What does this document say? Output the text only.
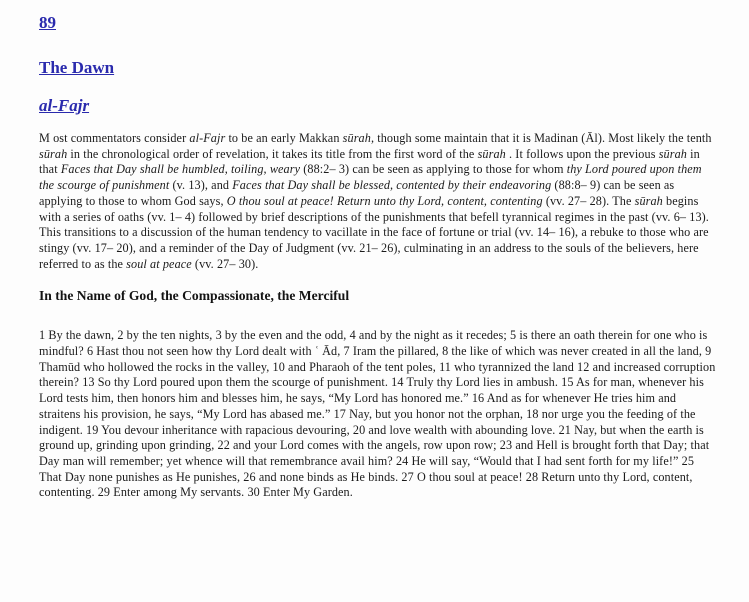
89
The Dawn
al-Fajr

M ost commentators consider al-Fajr to be an early Makkan sūrah, though some maintain that it is Madinan (Āl). Most likely the tenth sūrah in the chronological order of revelation, it takes its title from the first word of the sūrah . It follows upon the previous sūrah in that Faces that Day shall be humbled, toiling, weary (88:2– 3) can be seen as applying to those for whom thy Lord poured upon them the scourge of punishment (v. 13), and Faces that Day shall be blessed, contented by their endeavoring (88:8– 9) can be seen as applying to those to whom God says, O thou soul at peace! Return unto thy Lord, content, contenting (vv. 27– 28). The sūrah begins with a series of oaths (vv. 1– 4) followed by brief descriptions of the punishments that befell tyrannical regimes in the past (vv. 6– 13). This transitions to a discussion of the human tendency to vacillate in the face of fortune or trial (vv. 14– 16), a rebuke to those who are stingy (vv. 17– 20), and a reminder of the Day of Judgment (vv. 21– 26), culminating in an address to the souls of the believers, here referred to as the soul at peace (vv. 27– 30).

In the Name of God, the Compassionate, the Merciful

1 By the dawn, 2 by the ten nights, 3 by the even and the odd, 4 and by the night as it recedes; 5 is there an oath therein for one who is mindful? 6 Hast thou not seen how thy Lord dealt with ʿ Ād, 7 Iram the pillared, 8 the like of which was never created in all the land, 9 Thamūd who hollowed the rocks in the valley, 10 and Pharaoh of the tent poles, 11 who tyrannized the land 12 and increased corruption therein? 13 So thy Lord poured upon them the scourge of punishment. 14 Truly thy Lord lies in ambush. 15 As for man, whenever his Lord tests him, then honors him and blesses him, he says, “My Lord has honored me.” 16 And as for whenever He tries him and straitens his provision, he says, “My Lord has abased me.” 17 Nay, but you honor not the orphan, 18 nor urge you the feeding of the indigent. 19 You devour inheritance with rapacious devouring, 20 and love wealth with abounding love. 21 Nay, but when the earth is ground up, grinding upon grinding, 22 and your Lord comes with the angels, row upon row; 23 and Hell is brought forth that Day; that Day man will remember; yet whence will that remembrance avail him? 24 He will say, “Would that I had sent forth for my life!” 25 That Day none punishes as He punishes, 26 and none binds as He binds. 27 O thou soul at peace! 28 Return unto thy Lord, content, contenting. 29 Enter among My servants. 30 Enter My Garden.
